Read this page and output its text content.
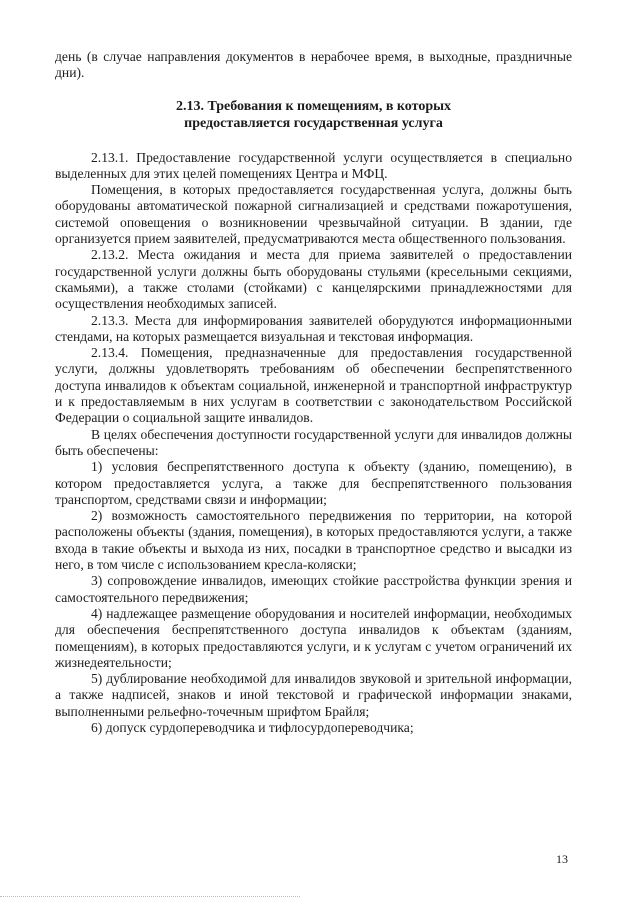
день (в случае направления документов в нерабочее время, в выходные, праздничные дни).

2.13. Требования к помещениям, в которых
предоставляется государственная услуга

2.13.1. Предоставление государственной услуги осуществляется в специально выделенных для этих целей помещениях Центра и МФЦ.

Помещения, в которых предоставляется государственная услуга, должны быть оборудованы автоматической пожарной сигнализацией и средствами пожаротушения, системой оповещения о возникновении чрезвычайной ситуации. В здании, где организуется прием заявителей, предусматриваются места общественного пользования.

2.13.2. Места ожидания и места для приема заявителей о предоставлении государственной услуги должны быть оборудованы стульями (кресельными секциями, скамьями), а также столами (стойками) с канцелярскими принадлежностями для осуществления необходимых записей.

2.13.3. Места для информирования заявителей оборудуются информационными стендами, на которых размещается визуальная и текстовая информация.

2.13.4. Помещения, предназначенные для предоставления государственной услуги, должны удовлетворять требованиям об обеспечении беспрепятственного доступа инвалидов к объектам социальной, инженерной и транспортной инфраструктур и к предоставляемым в них услугам в соответствии с законодательством Российской Федерации о социальной защите инвалидов.

В целях обеспечения доступности государственной услуги для инвалидов должны быть обеспечены:

1) условия беспрепятственного доступа к объекту (зданию, помещению), в котором предоставляется услуга, а также для беспрепятственного пользования транспортом, средствами связи и информации;

2) возможность самостоятельного передвижения по территории, на которой расположены объекты (здания, помещения), в которых предоставляются услуги, а также входа в такие объекты и выхода из них, посадки в транспортное средство и высадки из него, в том числе с использованием кресла-коляски;

3) сопровождение инвалидов, имеющих стойкие расстройства функции зрения и самостоятельного передвижения;

4) надлежащее размещение оборудования и носителей информации, необходимых для обеспечения беспрепятственного доступа инвалидов к объектам (зданиям, помещениям), в которых предоставляются услуги, и к услугам с учетом ограничений их жизнедеятельности;

5) дублирование необходимой для инвалидов звуковой и зрительной информации, а также надписей, знаков и иной текстовой и графической информации знаками, выполненными рельефно-точечным шрифтом Брайля;

6) допуск сурдопереводчика и тифлосурдопереводчика;

13
